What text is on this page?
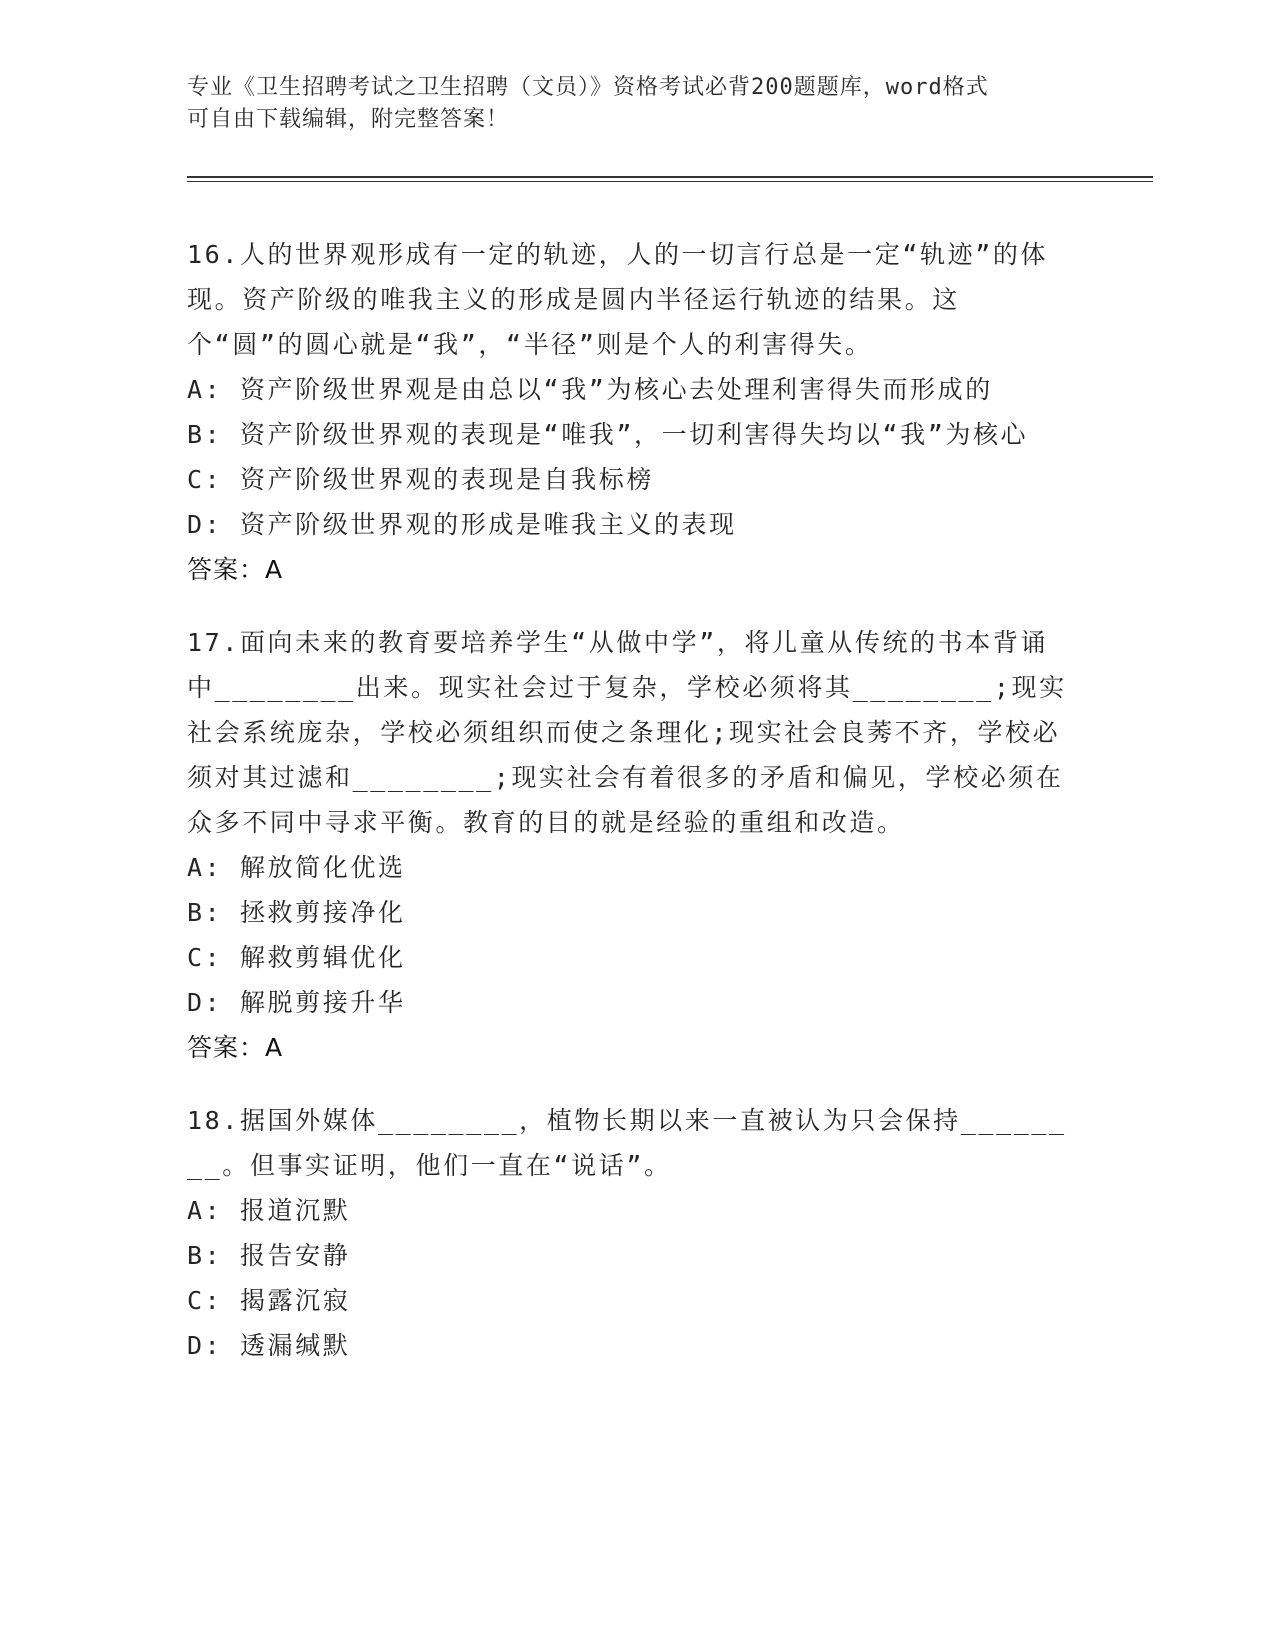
专业《卫生招聘考试之卫生招聘（文员）》资格考试必背200题题库，word格式
可自由下载编辑，附完整答案！

16.人的世界观形成有一定的轨迹，人的一切言行总是一定“轨迹”的体现。资产阶级的唯我主义的形成是圆内半径运行轨迹的结果。这个“圆”的圆心就是“我”，“半径”则是个人的利害得失。

A: 资产阶级世界观是由总以“我”为核心去处理利害得失而形成的

B: 资产阶级世界观的表现是“唯我”，一切利害得失均以“我”为核心

C: 资产阶级世界观的表现是自我标榜

D: 资产阶级世界观的形成是唯我主义的表现

答案：A

17.面向未来的教育要培养学生“从做中学”，将儿童从传统的书本背诵中________出来。现实社会过于复杂，学校必须将其________;现实社会系统庞杂，学校必须组织而使之条理化;现实社会良莠不齐，学校必须对其过滤和________;现实社会有着很多的矛盾和偏见，学校必须在众多不同中寻求平衡。教育的目的就是经验的重组和改造。

A: 解放简化优选

B: 拯救剪接净化

C: 解救剪辑优化

D: 解脱剪接升华

答案：A

18.据国外媒体________，植物长期以来一直被认为只会保持________。但事实证明，他们一直在“说话”。

A: 报道沉默

B: 报告安静

C: 揭露沉寂

D: 透漏缄默
